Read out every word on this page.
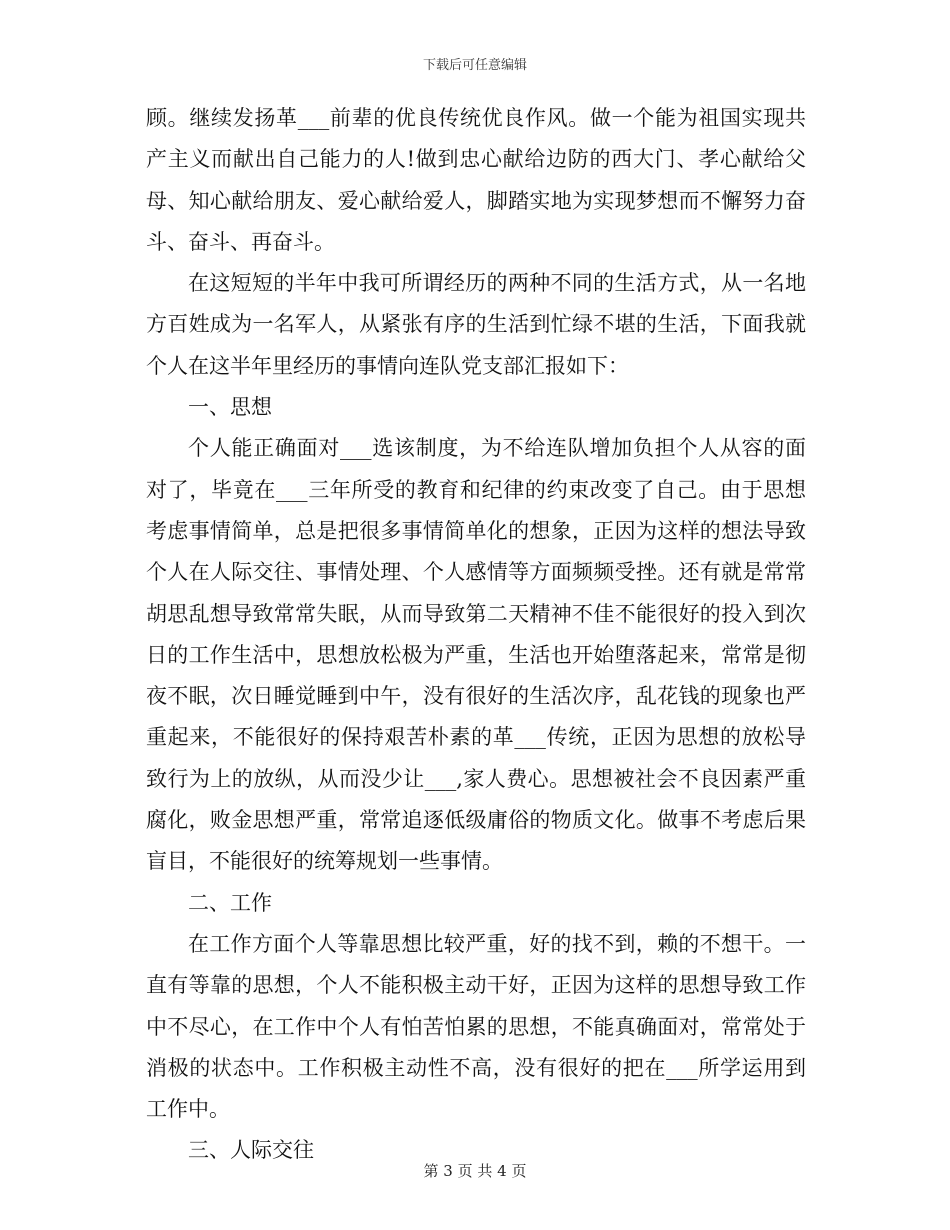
下载后可任意编辑

顾。继续发扬革___前辈的优良传统优良作风。做一个能为祖国实现共产主义而献出自己能力的人!做到忠心献给边防的西大门、孝心献给父母、知心献给朋友、爱心献给爱人，脚踏实地为实现梦想而不懈努力奋斗、奋斗、再奋斗。

在这短短的半年中我可所谓经历的两种不同的生活方式，从一名地方百姓成为一名军人，从紧张有序的生活到忙绿不堪的生活，下面我就个人在这半年里经历的事情向连队党支部汇报如下：

一、思想

个人能正确面对___选该制度，为不给连队增加负担个人从容的面对了，毕竟在___三年所受的教育和纪律的约束改变了自己。由于思想考虑事情简单，总是把很多事情简单化的想象，正因为这样的想法导致个人在人际交往、事情处理、个人感情等方面频频受挫。还有就是常常胡思乱想导致常常失眠，从而导致第二天精神不佳不能很好的投入到次日的工作生活中，思想放松极为严重，生活也开始堕落起来，常常是彻夜不眠，次日睡觉睡到中午，没有很好的生活次序，乱花钱的现象也严重起来，不能很好的保持艰苦朴素的革___传统，正因为思想的放松导致行为上的放纵，从而没少让___,家人费心。思想被社会不良因素严重腐化，败金思想严重，常常追逐低级庸俗的物质文化。做事不考虑后果盲目，不能很好的统筹规划一些事情。

二、工作

在工作方面个人等靠思想比较严重，好的找不到，赖的不想干。一直有等靠的思想，个人不能积极主动干好，正因为这样的思想导致工作中不尽心，在工作中个人有怕苦怕累的思想，不能真确面对，常常处于消极的状态中。工作积极主动性不高，没有很好的把在___所学运用到工作中。

三、人际交往

第 3 页 共 4 页
